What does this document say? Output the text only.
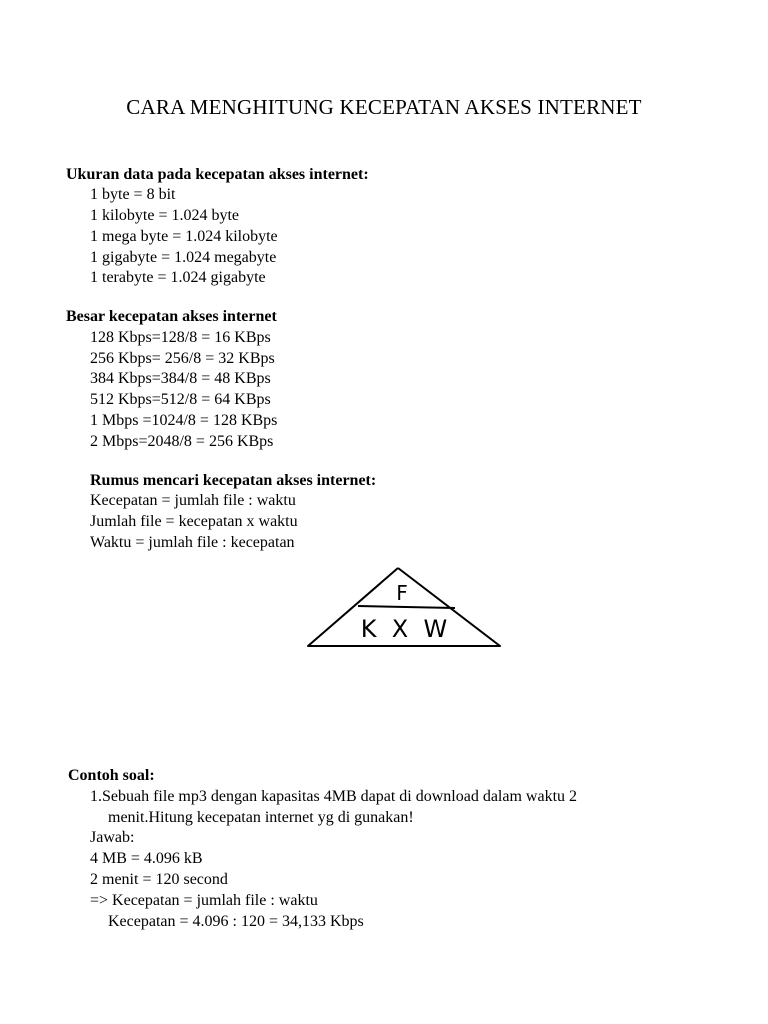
CARA MENGHITUNG KECEPATAN AKSES INTERNET
Ukuran data pada kecepatan akses internet:
1 byte = 8 bit
1 kilobyte = 1.024 byte
1 mega byte = 1.024 kilobyte
1 gigabyte = 1.024 megabyte
1 terabyte = 1.024 gigabyte
Besar kecepatan akses internet
128 Kbps=128/8 = 16 KBps
256 Kbps= 256/8 = 32 KBps
384 Kbps=384/8 = 48 KBps
512 Kbps=512/8 = 64 KBps
1 Mbps =1024/8 = 128 KBps
2 Mbps=2048/8 = 256 KBps
Rumus mencari kecepatan akses internet:
Kecepatan = jumlah file : waktu
Jumlah file = kecepatan x waktu
Waktu = jumlah file : kecepatan
F
K  X  W
Contoh soal:
1.Sebuah file mp3 dengan kapasitas 4MB dapat di download dalam waktu 2
menit.Hitung kecepatan internet yg di gunakan!
Jawab:
4 MB = 4.096 kB
2 menit = 120 second
=> Kecepatan = jumlah file : waktu
Kecepatan = 4.096 : 120 = 34,133 Kbps
